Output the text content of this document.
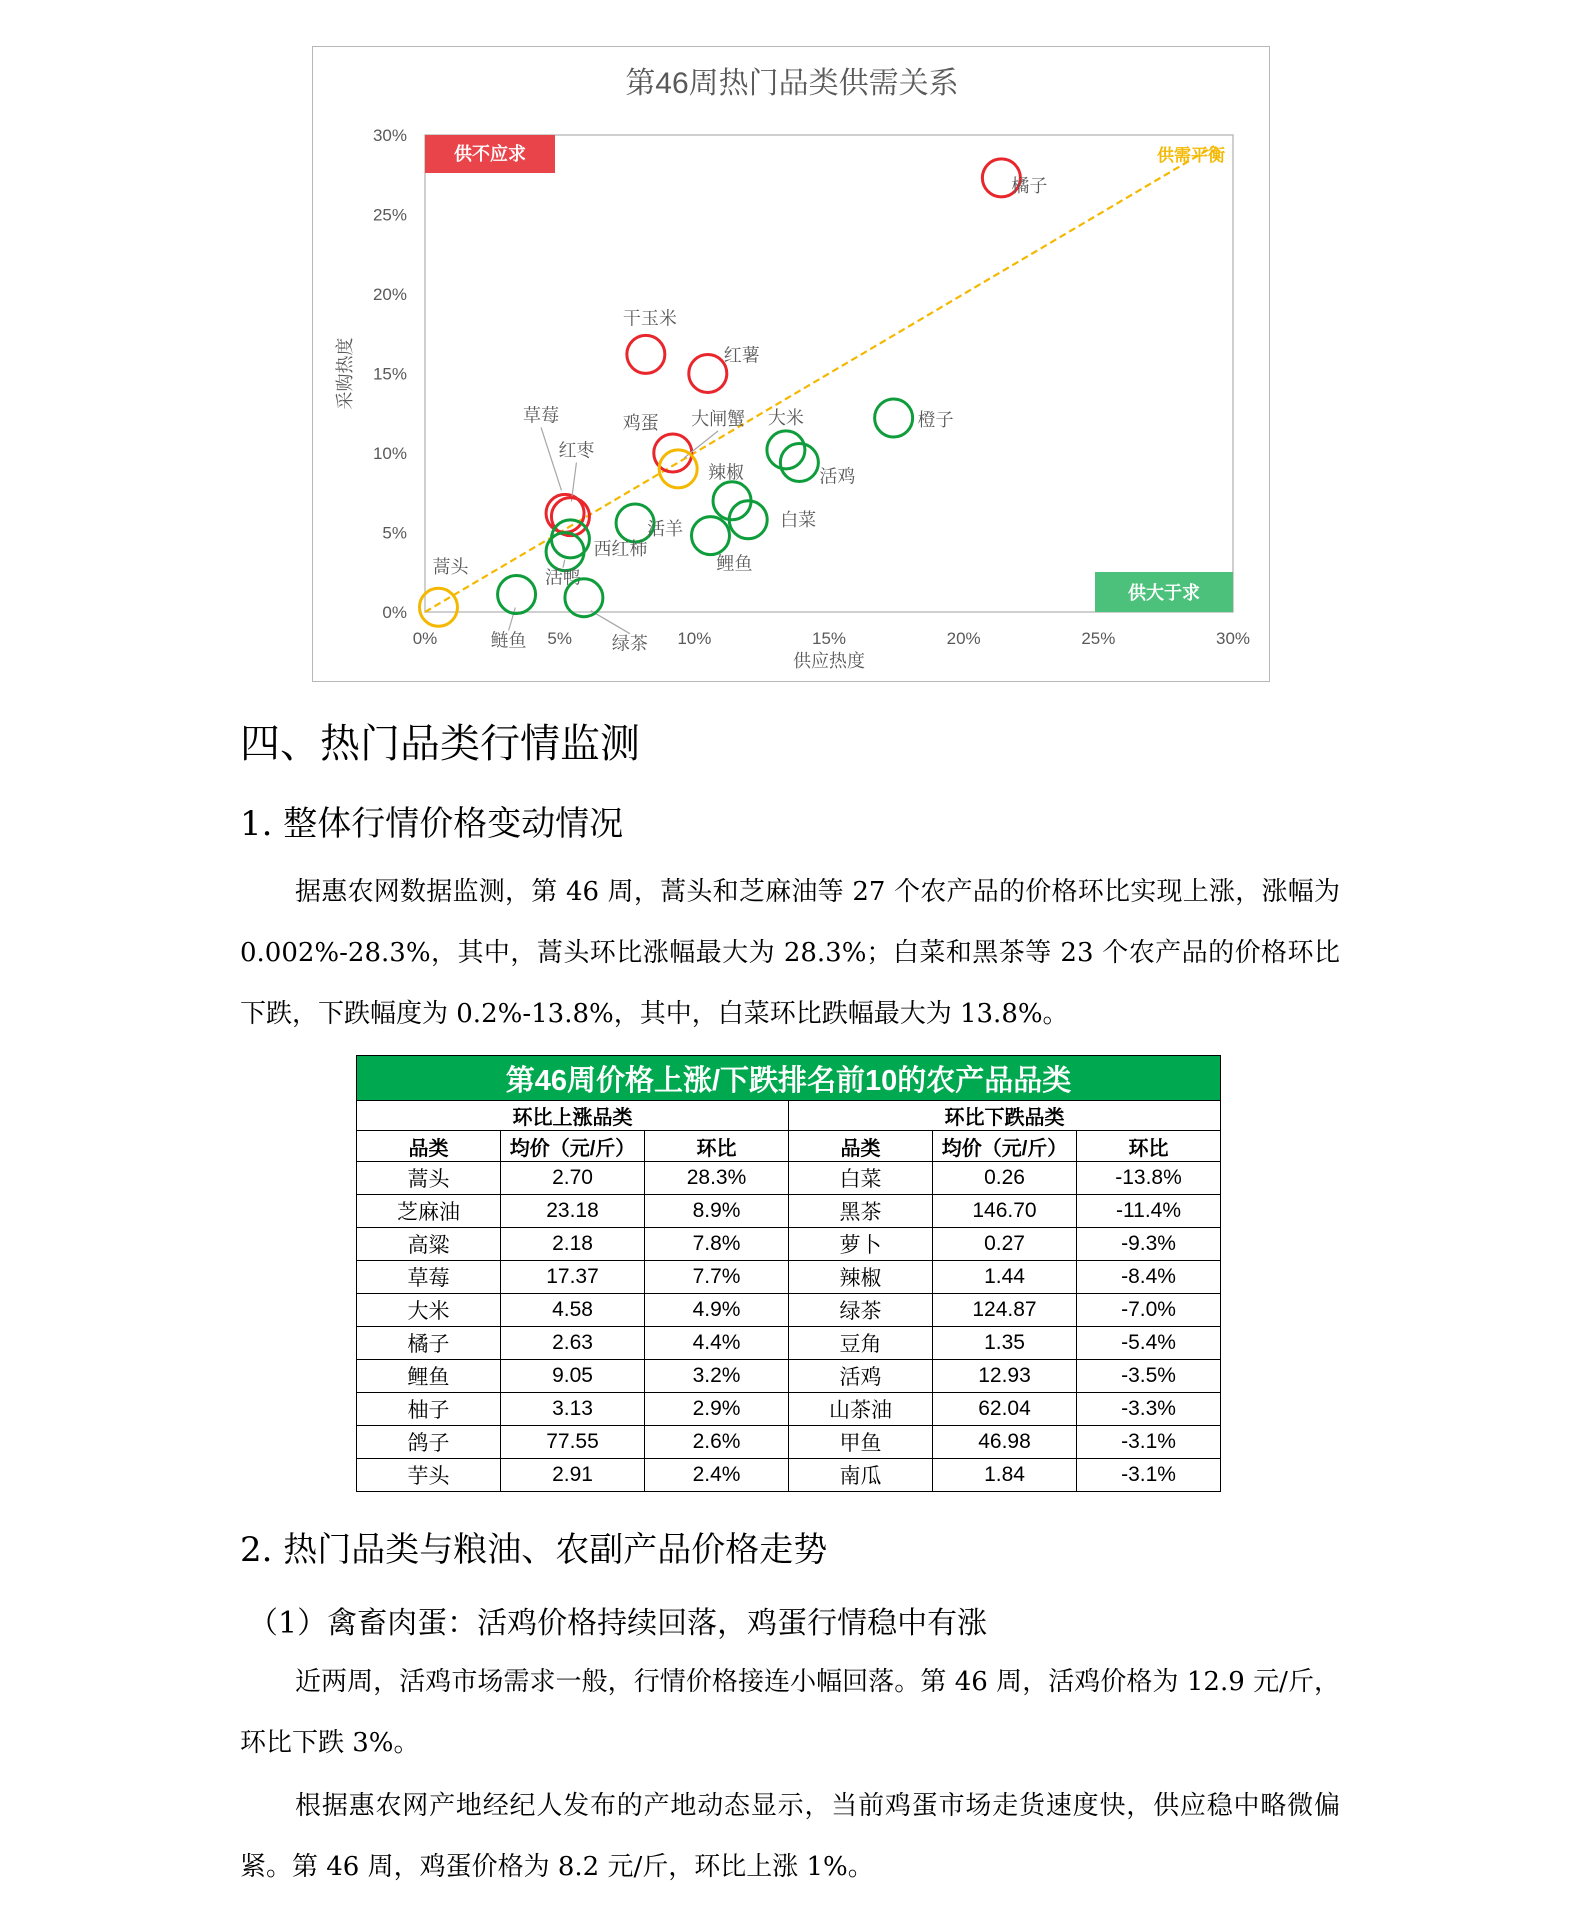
第46周热门品类供需关系
0%	5%	10%	15%	20%	25%	30%
0%
5%
10%
15%
20%
25%
30%
供应热度
采购热度
供需平衡
供不应求
供大于求
橘子
干玉米
红薯
鸡蛋
草莓
红枣
大闸蟹
蒿头
橙子
大米
活鸡
辣椒
白菜
鲤鱼
活羊
西红柿
活鸭
鲢鱼	绿茶
四、热门品类行情监测
1. 整体行情价格变动情况

据惠农网数据监测，第 46 周，蒿头和芝麻油等 27 个农产品的价格环比实现上涨，涨幅为 0.002%-28.3%，其中，蒿头环比涨幅最大为 28.3%；白菜和黑茶等 23 个农产品的价格环比下跌，下跌幅度为 0.2%-13.8%，其中，白菜环比跌幅最大为 13.8%。

第46周价格上涨/下跌排名前10的农产品品类					
环比上涨品类			环比下跌品类		
品类	均价（元/斤）	环比	品类	均价（元/斤）	环比
蒿头	2.70	28.3%	白菜	0.26	-13.8%
芝麻油	23.18	8.9%	黑茶	146.70	-11.4%
高粱	2.18	7.8%	萝卜	0.27	-9.3%
草莓	17.37	7.7%	辣椒	1.44	-8.4%
大米	4.58	4.9%	绿茶	124.87	-7.0%
橘子	2.63	4.4%	豆角	1.35	-5.4%
鲤鱼	9.05	3.2%	活鸡	12.93	-3.5%
柚子	3.13	2.9%	山茶油	62.04	-3.3%
鸽子	77.55	2.6%	甲鱼	46.98	-3.1%
芋头	2.91	2.4%	南瓜	1.84	-3.1%
2. 热门品类与粮油、农副产品价格走势
（1）禽畜肉蛋：活鸡价格持续回落，鸡蛋行情稳中有涨

近两周，活鸡市场需求一般，行情价格接连小幅回落。第 46 周，活鸡价格为 12.9 元/斤，环比下跌 3%。

根据惠农网产地经纪人发布的产地动态显示，当前鸡蛋市场走货速度快，供应稳中略微偏紧。第 46 周，鸡蛋价格为 8.2 元/斤，环比上涨 1%。
